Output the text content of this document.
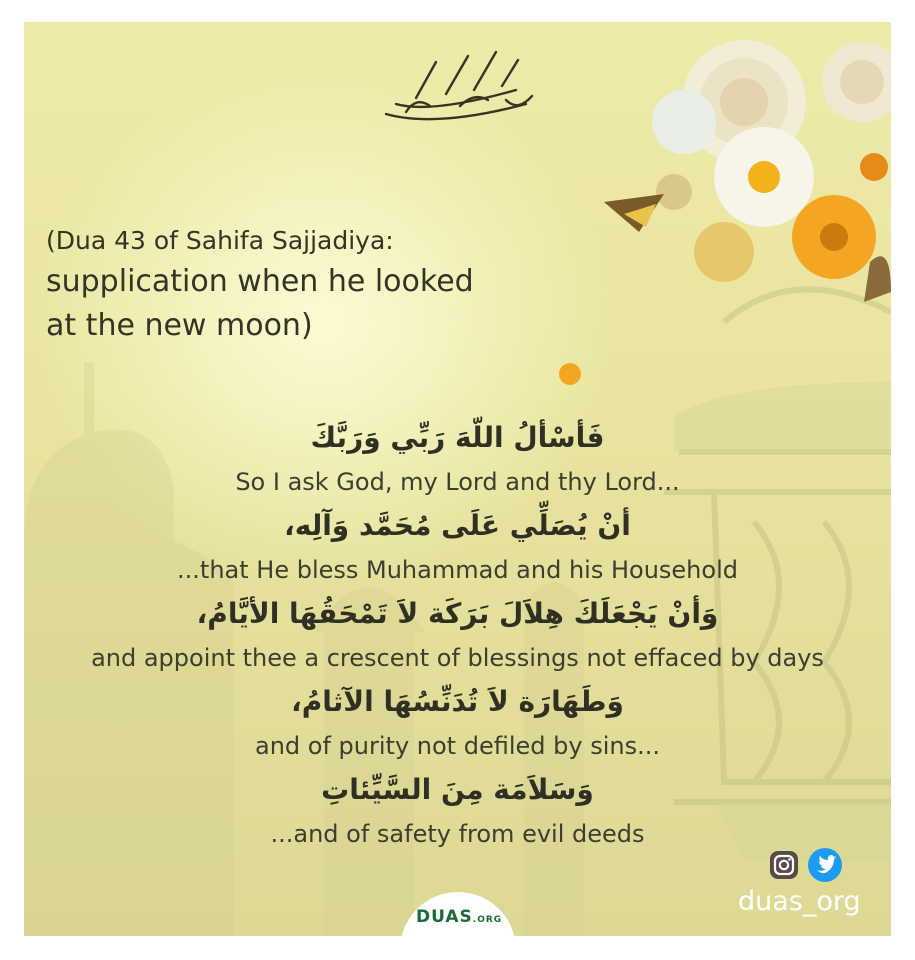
بسم الله الرحمن الرحيم
(Dua 43 of Sahifa Sajjadiya:
supplication when he looked
at the new moon)
فَأسْألُ اللّهَ رَبِّي وَرَبَّكَ
So I ask God, my Lord and thy Lord...
أنْ يُصَلِّي عَلَى مُحَمَّد وَآلِه،
...that He bless Muhammad and his Household
وَأنْ يَجْعَلَكَ هِلاَلَ بَرَكَة لاَ تَمْحَقُهَا الأيَّامُ،
and appoint thee a crescent of blessings not effaced by days
وَطَهَارَة لاَ تُدَنِّسُهَا الآثامُ،
and of purity not defiled by sins...
وَسَلاَمَة مِنَ السَّيِّئاتِ
...and of safety from evil deeds
DUAS.ORG
duas_org
